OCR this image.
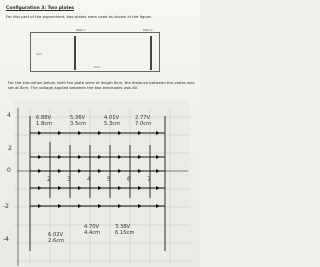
Configuration 3: Two plates
For this part of the experiment, two plates were used as shown in the figure.
Plate 1	Plate 2
2cm
5cm
For the simulation below, both the plate were of length 8cm, the distance between the plates was set at 8cm. The voltage applied between the two electrodes was 8V.
4
2
0
-2
-4
2	3	4	5	6	7
6.88V
1.8cm
5.36V
3.5cm
4.01V
5.3cm
2.77V
7.0cm
6.02V
2.6cm
4.70V
4.4cm
3.38V
6.15cm
